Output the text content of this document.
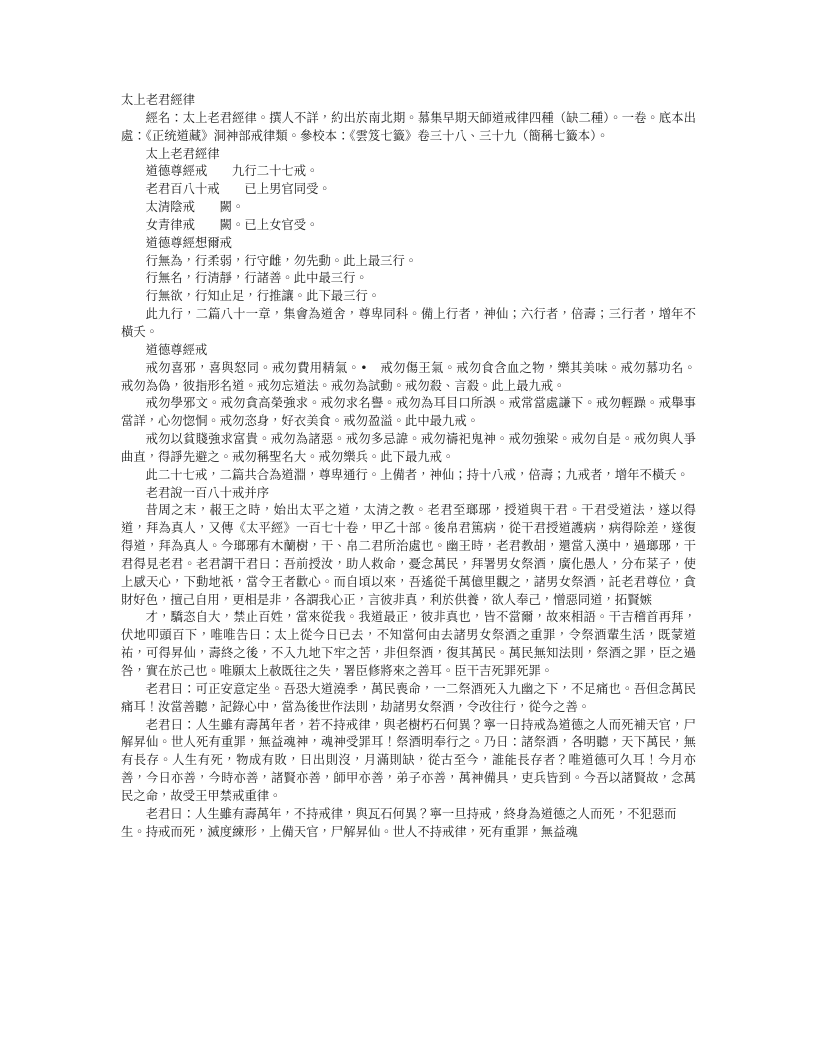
太上老君經律

經名：太上老君經律。撰人不詳，約出於南北期。慕集早期天師道戒律四種（缺二種）。一卷。底本出處：《正统道藏》洞神部戒律類。參校本：《雲笈七籤》卷三十八、三十九（簡稱七籤本）。

太上老君經律

道德尊經戒　　九行二十七戒。

老君百八十戒　　已上男官同受。

太清陰戒　　闕。

女青律戒　　闕。已上女官受。

道德尊經想爾戒

行無為，行柔弱，行守雌，勿先動。此上最三行。

行無名，行清靜，行諸善。此中最三行。

行無欲，行知止足，行推讓。此下最三行。

此九行，二篇八十一章，集會為道舍，尊卑同科。備上行者，神仙；六行者，倍壽；三行者，增年不橫夭。

道德尊經戒

戒勿喜邪，喜與怒同。戒勿費用精氣。•　戒勿傷王氣。戒勿食含血之物，樂其美味。戒勿慕功名。戒勿為偽，彼指形名道。戒勿忘道法。戒勿為試動。戒勿殺、言殺。此上最九戒。

戒勿學邪文。戒勿貪高榮強求。戒勿求名譽。戒勿為耳目口所誤。戒常當處謙下。戒勿輕躁。戒舉事當詳，心勿惚恫。戒勿恣身，好衣美食。戒勿盈溢。此中最九戒。

戒勿以貧賤強求富貴。戒勿為諸惡。戒勿多忌諱。戒勿禱祀鬼神。戒勿強梁。戒勿自是。戒勿與人爭曲直，得諍先避之。戒勿稱聖名大。戒勿樂兵。此下最九戒。

此二十七戒，二篇共合為道淵，尊卑通行。上備者，神仙；持十八戒，倍壽；九戒者，增年不橫夭。

老君說一百八十戒并序

昔周之末，赧王之時，始出太平之道，太清之教。老君至瑯琊，授道與干君。干君受道法，遂以得道，拜為真人，又傳《太平經》一百七十卷，甲乙十部。後帛君篤病，從干君授道護病，病得除差，遂復得道，拜為真人。今瑯琊有木蘭樹，干、帛二君所治處也。幽王時，老君教胡，還當入漢中，過瑯琊，干君得見老君。老君謂干君曰：吾前授汝，助人救命，憂念萬民，拜署男女祭酒，廣化愚人，分布菜子，使上感天心，下動地祇，當令王者歡心。而自頃以來，吾遙從千萬億里觀之，諸男女祭酒，託老君尊位，貪財好色，擅己自用，更相是非，各謂我心正，言彼非真，利於供養，欲人奉己，憎惡同道，拓賢嫉

才，驕恣自大，禁止百姓，當來從我。我道最正，彼非真也，皆不當爾，故來相語。干吉稽首再拜，伏地叩頭百下，唯唯告曰：太上從今日已去，不知當何由去諸男女祭酒之重罪，令祭酒輩生活，既蒙道祐，可得昇仙，壽終之後，不入九地下牢之苦，非但祭酒，復其萬民。萬民無知法則，祭酒之罪，臣之過咎，實在於己也。唯願太上赦既往之失，署臣修將來之善耳。臣干吉死罪死罪。

老君曰：可正安意定坐。吾恐大道澆季，萬民喪命，一二祭酒死入九幽之下，不足痛也。吾但念萬民痛耳！汝當善聽，記錄心中，當為後世作法則，劫諸男女祭酒，令改往行，從今之善。

老君曰：人生雖有壽萬年者，若不持戒律，與老樹朽石何異？寧一日持戒為道德之人而死補天官，尸解昇仙。世人死有重罪，無益魂神，魂神受罪耳！祭酒明奉行之。乃日：諸祭酒，各明聽，天下萬民，無有長存。人生有死，物成有敗，日出則沒，月滿則缺，從古至今，誰能長存者？唯道德可久耳！今月亦善，今日亦善，今時亦善，諸賢亦善，師甲亦善，弟子亦善，萬神備具，吏兵皆到。今吾以諸賢故，念萬民之命，故受王甲禁戒重律。

老君曰：人生雖有壽萬年，不持戒律，與瓦石何異？寧一旦持戒，終身為道德之人而死，不犯惡而生。持戒而死，滅度練形，上備天官，尸解昇仙。世人不持戒律，死有重罪，無益魂
